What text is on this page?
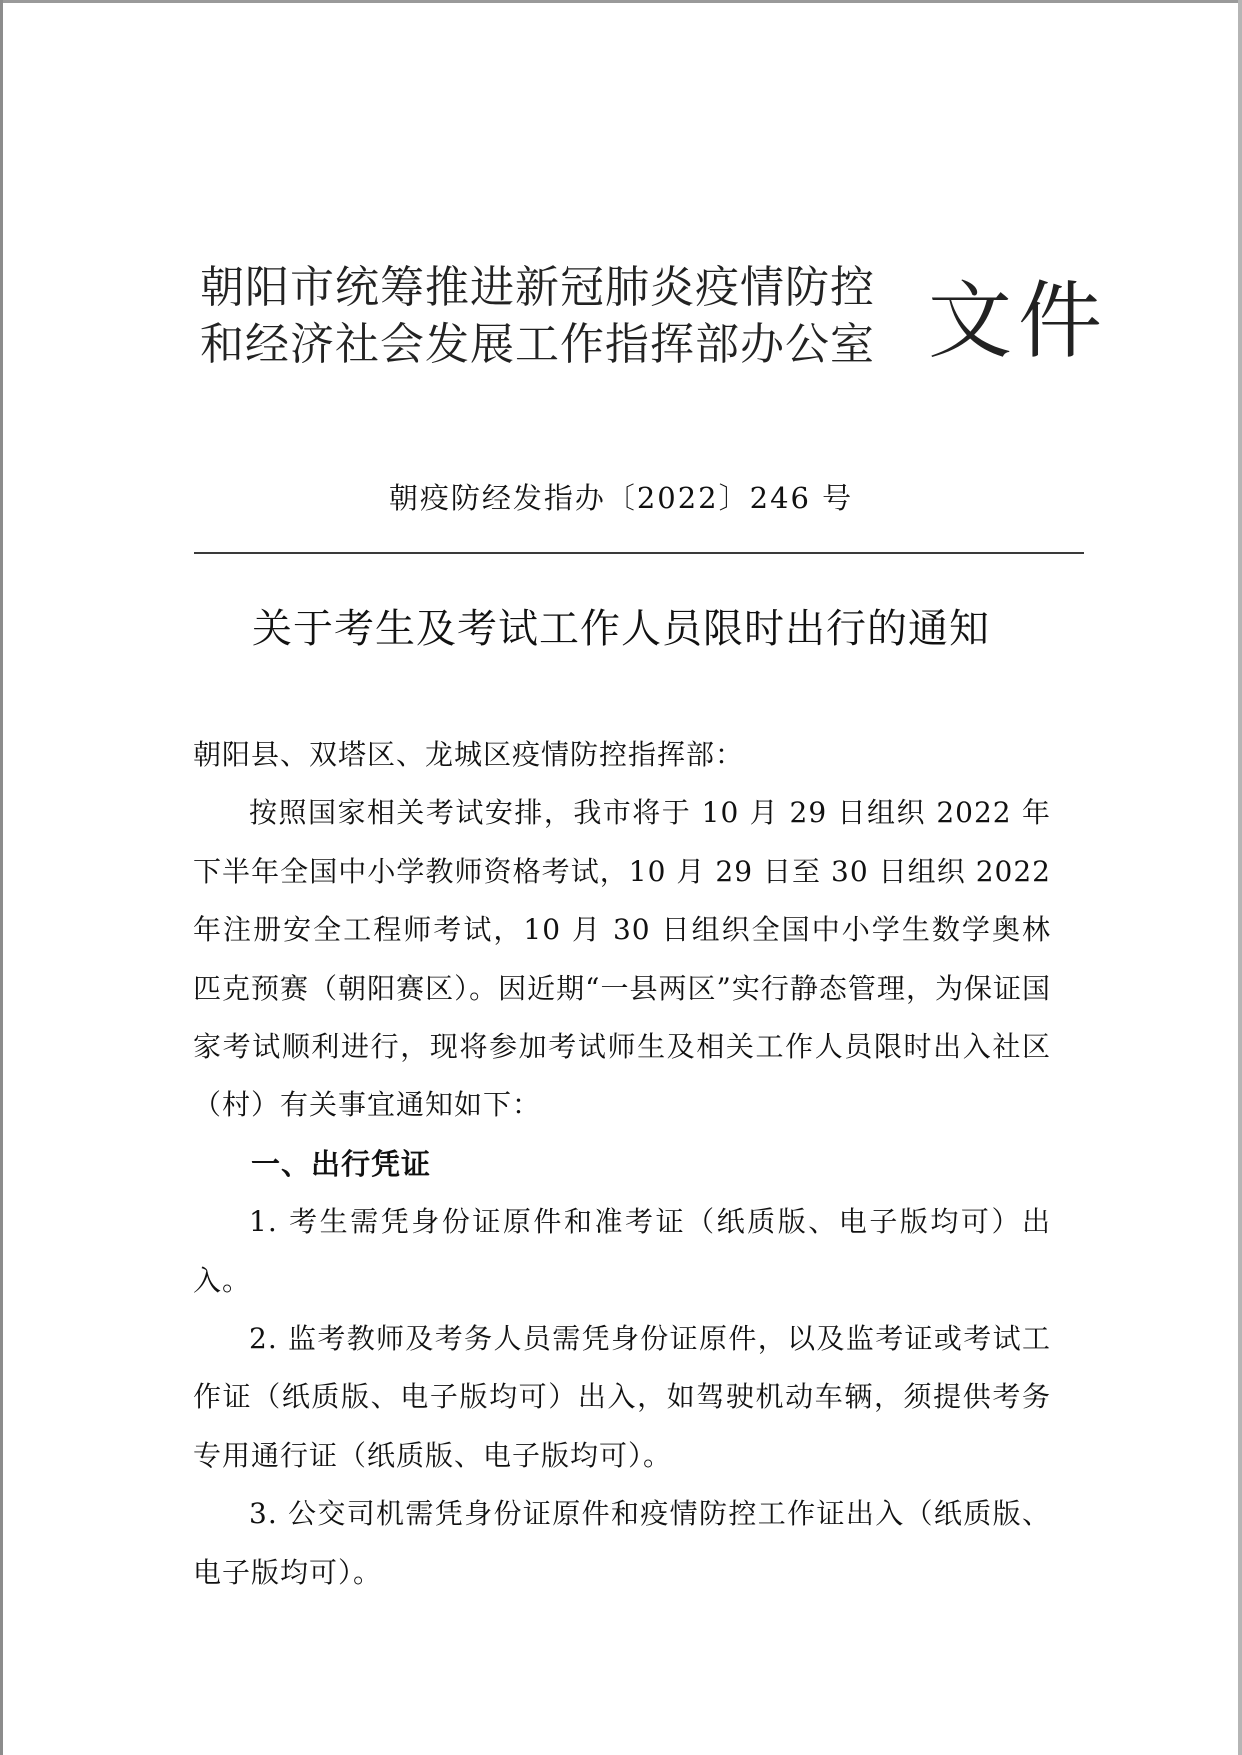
朝阳市统筹推进新冠肺炎疫情防控
和经济社会发展工作指挥部办公室 文件
朝疫防经发指办〔2022〕246 号
关于考生及考试工作人员限时出行的通知

朝阳县、双塔区、龙城区疫情防控指挥部：

按照国家相关考试安排，我市将于 10 月 29 日组织 2022 年下半年全国中小学教师资格考试，10 月 29 日至 30 日组织 2022 年注册安全工程师考试，10 月 30 日组织全国中小学生数学奥林匹克预赛（朝阳赛区）。因近期“一县两区”实行静态管理，为保证国家考试顺利进行，现将参加考试师生及相关工作人员限时出入社区（村）有关事宜通知如下：

一、出行凭证

1. 考生需凭身份证原件和准考证（纸质版、电子版均可）出入。

2. 监考教师及考务人员需凭身份证原件，以及监考证或考试工作证（纸质版、电子版均可）出入，如驾驶机动车辆，须提供考务专用通行证（纸质版、电子版均可）。

3. 公交司机需凭身份证原件和疫情防控工作证出入（纸质版、电子版均可）。
